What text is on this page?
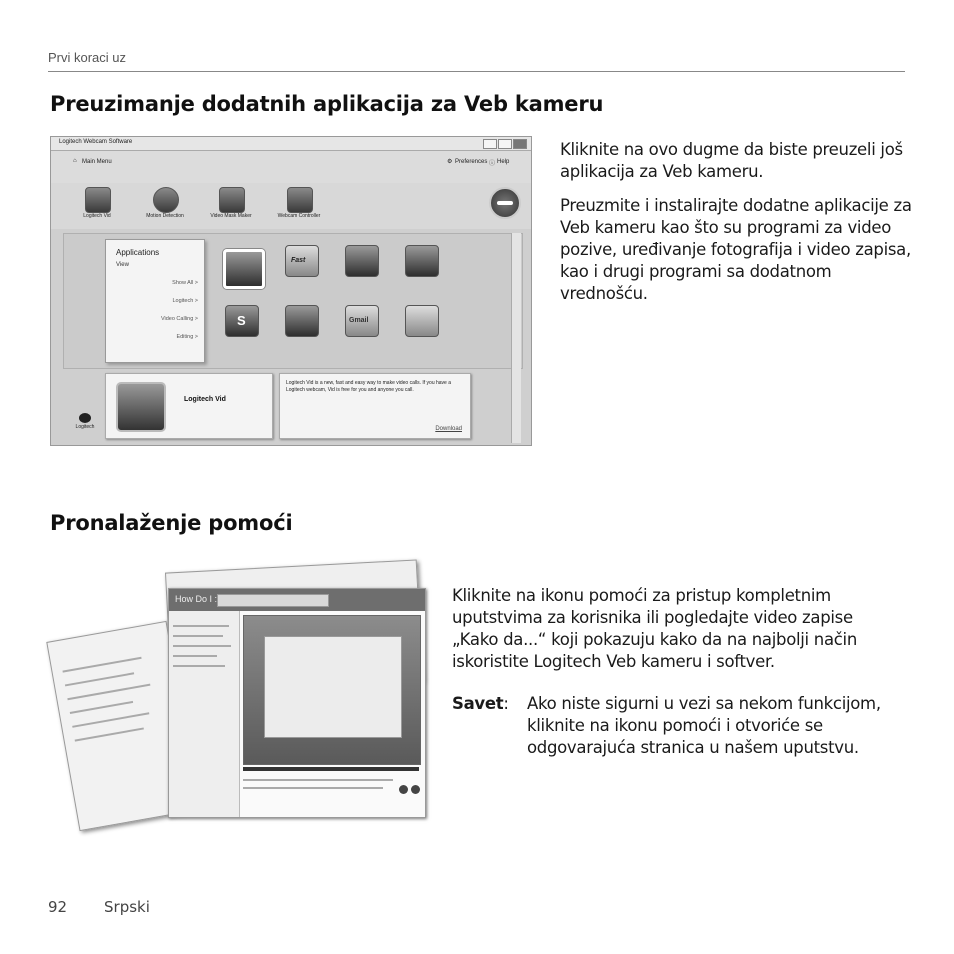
Prvi koraci uz
Preuzimanje dodatnih aplikacija za Veb kameru
Logitech Webcam Software
⌂ Main Menu	⚙ Preferences ⓘ Help
Logitech Vid	Motion Detection	Video Mask Maker	Webcam Controller
Applications
View
Show All >
Logitech >
Video Calling >
Editing >
Fast
S	Gmail
Logitech Vid
Logitech Vid is a new, fast and easy way to make video calls. If you have a Logitech webcam, Vid is free for you and anyone you call.
Download
Logitech

Kliknite na ovo dugme da biste preuzeli još aplikacija za Veb kameru.

Preuzmite i instalirajte dodatne aplikacije za Veb kameru kao što su programi za video pozive, uređivanje fotografija i video zapisa, kao i drugi programi sa dodatnom vrednošću.

Pronalaženje pomoći
How Do I :	Kliknite na ikonu pomoći za pristup kompletnim uputstvima za korisnika ili pogledajte video zapise „Kako da...“ koji pokazuju kako da na najbolji način iskoristite Logitech Veb kameru i softver.
Savet:	Ako niste sigurni u vezi sa nekom funkcijom, kliknite na ikonu pomoći i otvoriće se odgovarajuća stranica u našem uputstvu.
92 Srpski
